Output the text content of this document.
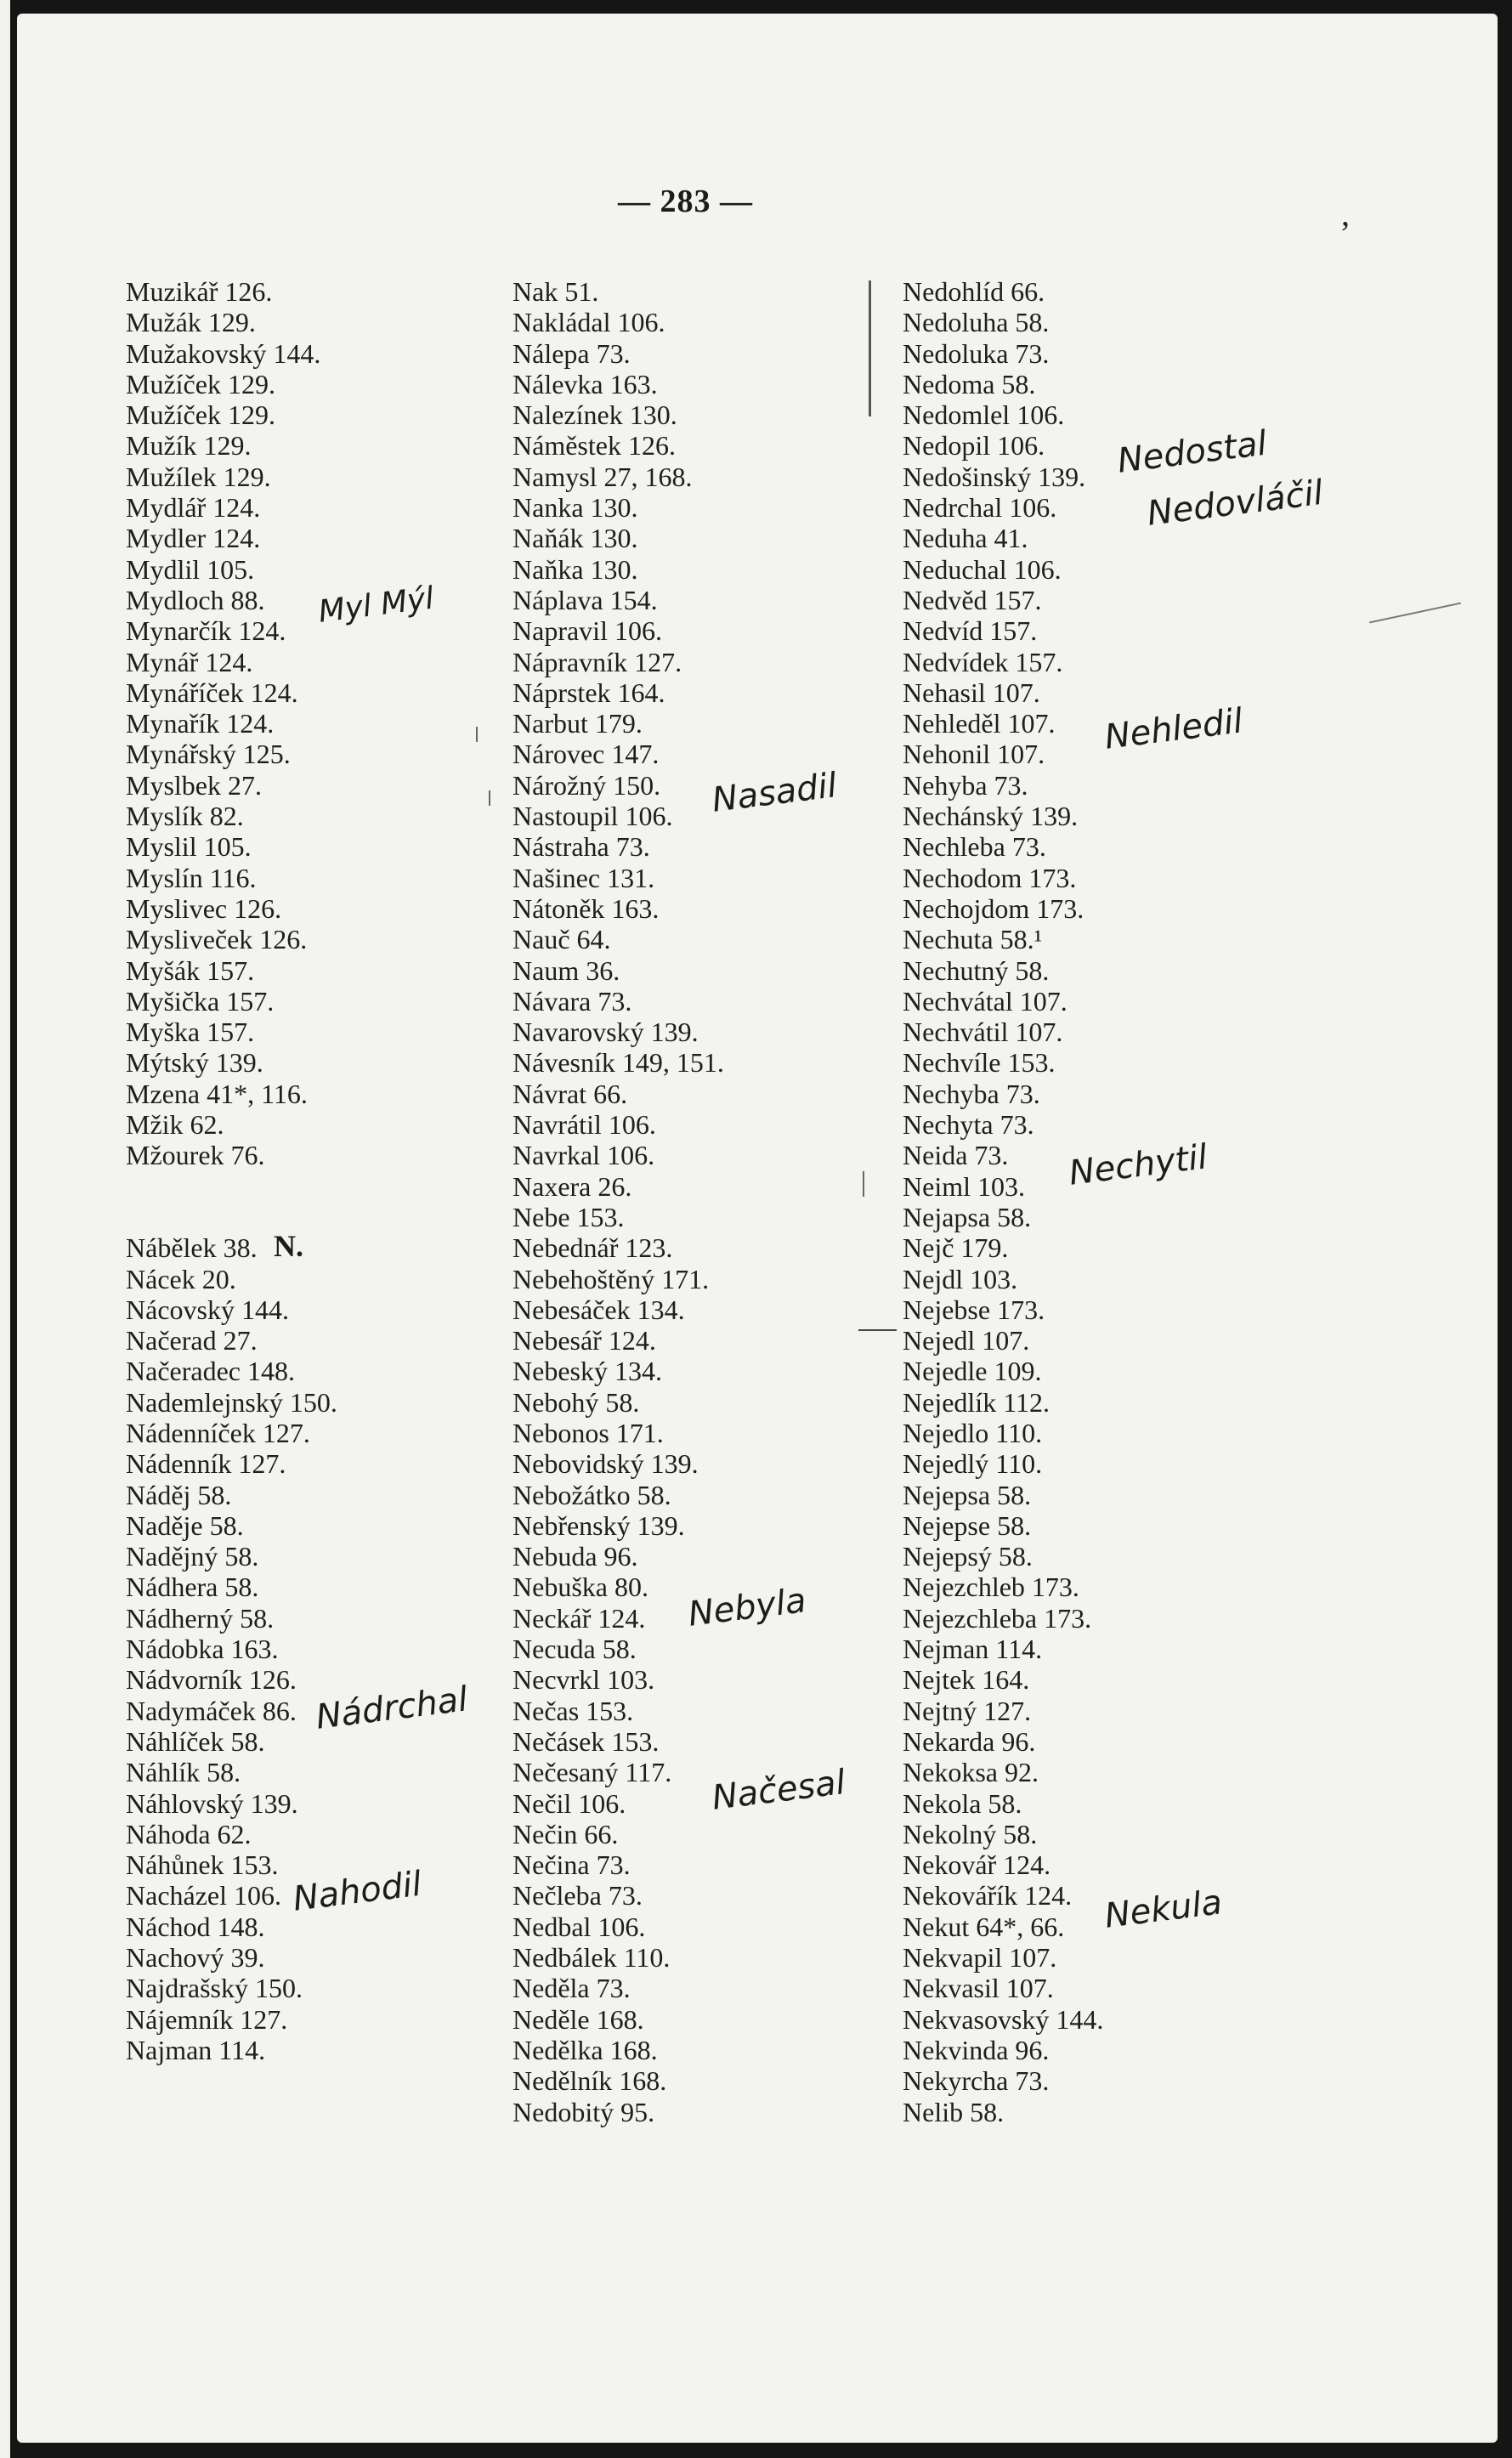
— 283 —	,
Muzikář 126.
Mužák 129.
Mužakovský 144.
Mužíček 129.
Mužíček 129.
Mužík 129.
Mužílek 129.
Mydlář 124.
Mydler 124.
Mydlil 105.
Mydloch 88.
Mynarčík 124.
Mynář 124.
Mynáříček 124.
Mynařík 124.
Mynářský 125.
Myslbek 27.
Myslík 82.
Myslil 105.
Myslín 116.
Myslivec 126.
Mysliveček 126.
Myšák 157.
Myšička 157.
Myška 157.
Mýtský 139.
Mzena 41*, 116.
Mžik 62.
Mžourek 76.
Nábělek 38.
Nácek 20.
Nácovský 144.
Načerad 27.
Načeradec 148.
Nademlejnský 150.
Nádenníček 127.
Nádenník 127.
Náděj 58.
Naděje 58.
Nadějný 58.
Nádhera 58.
Nádherný 58.
Nádobka 163.
Nádvorník 126.
Nadymáček 86.
Náhlíček 58.
Náhlík 58.
Náhlovský 139.
Náhoda 62.
Náhůnek 153.
Nacházel 106.
Náchod 148.
Nachový 39.
Najdrašský 150.
Nájemník 127.
Najman 114.
Nak 51.
Nakládal 106.
Nálepa 73.
Nálevka 163.
Nalezínek 130.
Náměstek 126.
Namysl 27, 168.
Nanka 130.
Naňák 130.
Naňka 130.
Náplava 154.
Napravil 106.
Nápravník 127.
Náprstek 164.
Narbut 179.
Nárovec 147.
Nárožný 150.
Nastoupil 106.
Nástraha 73.
Našinec 131.
Nátoněk 163.
Nauč 64.
Naum 36.
Návara 73.
Navarovský 139.
Návesník 149, 151.
Návrat 66.
Navrátil 106.
Navrkal 106.
Naxera 26.
Nebe 153.
Nebednář 123.
Nebehoštěný 171.
Nebesáček 134.
Nebesář 124.
Nebeský 134.
Nebohý 58.
Nebonos 171.
Nebovidský 139.
Nebožátko 58.
Nebřenský 139.
Nebuda 96.
Nebuška 80.
Neckář 124.
Necuda 58.
Necvrkl 103.
Nečas 153.
Nečásek 153.
Nečesaný 117.
Nečil 106.
Nečin 66.
Nečina 73.
Nečleba 73.
Nedbal 106.
Nedbálek 110.
Neděla 73.
Neděle 168.
Nedělka 168.
Nedělník 168.
Nedobitý 95.
Nedohlíd 66.
Nedoluha 58.
Nedoluka 73.
Nedoma 58.
Nedomlel 106.
Nedopil 106.
Nedošinský 139.
Nedrchal 106.
Neduha 41.
Neduchal 106.
Nedvěd 157.
Nedvíd 157.
Nedvídek 157.
Nehasil 107.
Nehleděl 107.
Nehonil 107.
Nehyba 73.
Nechánský 139.
Nechleba 73.
Nechodom 173.
Nechojdom 173.
Nechuta 58.¹
Nechutný 58.
Nechvátal 107.
Nechvátil 107.
Nechvíle 153.
Nechyba 73.
Nechyta 73.
Neida 73.
Neiml 103.
Nejapsa 58.
Nejč 179.
Nejdl 103.
Nejebse 173.
Nejedl 107.
Nejedle 109.
Nejedlík 112.
Nejedlo 110.
Nejedlý 110.
Nejepsa 58.
Nejepse 58.
Nejepsý 58.
Nejezchleb 173.
Nejezchleba 173.
Nejman 114.
Nejtek 164.
Nejtný 127.
Nekarda 96.
Nekoksa 92.
Nekola 58.
Nekolný 58.
Nekovář 124.
Nekovářík 124.
Nekut 64*, 66.
Nekvapil 107.
Nekvasil 107.
Nekvasovský 144.
Nekvinda 96.
Nekyrcha 73.
Nelib 58.
N.
Myl Mýl
Nádrchal
Nahodil
Načesal
Nasadil
Nebyla
Nedostal
Nedovláčil
Nehledil
Nechytil
Nekula
